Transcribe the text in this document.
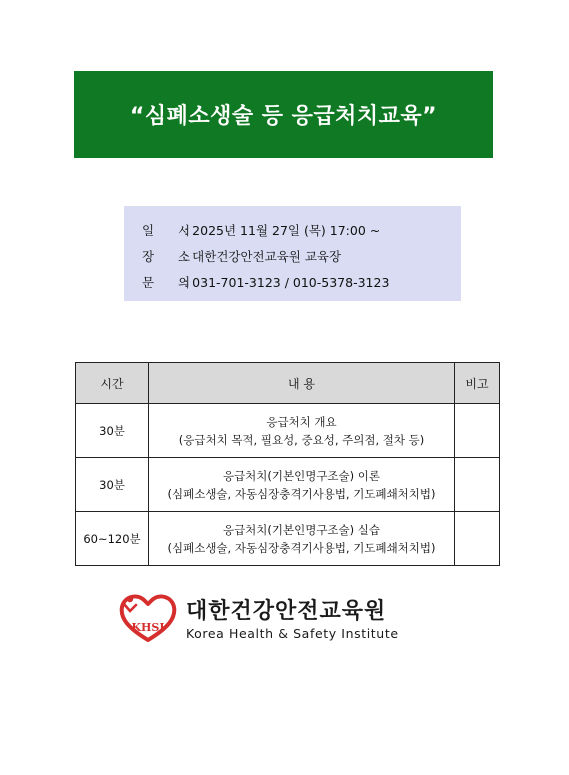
“심폐소생술 등 응급처치교육”
일 시: 2025년 11월 27일 (목) 17:00 ~
장 소: 대한건강안전교육원 교육장
문 의: 031-701-3123 / 010-5378-3123
시간	내 용	비고
30분	응급처치 개요
(응급처치 목적, 필요성, 중요성, 주의점, 절차 등)	

30분	응급처치(기본인명구조술) 이론
(심폐소생술, 자동심장충격기사용법, 기도폐쇄처치법)	

60~120분	응급처치(기본인명구조술) 실습
(심폐소생술, 자동심장충격기사용법, 기도폐쇄처치법)	

KHSI
대한건강안전교육원
Korea Health & Safety Institute
